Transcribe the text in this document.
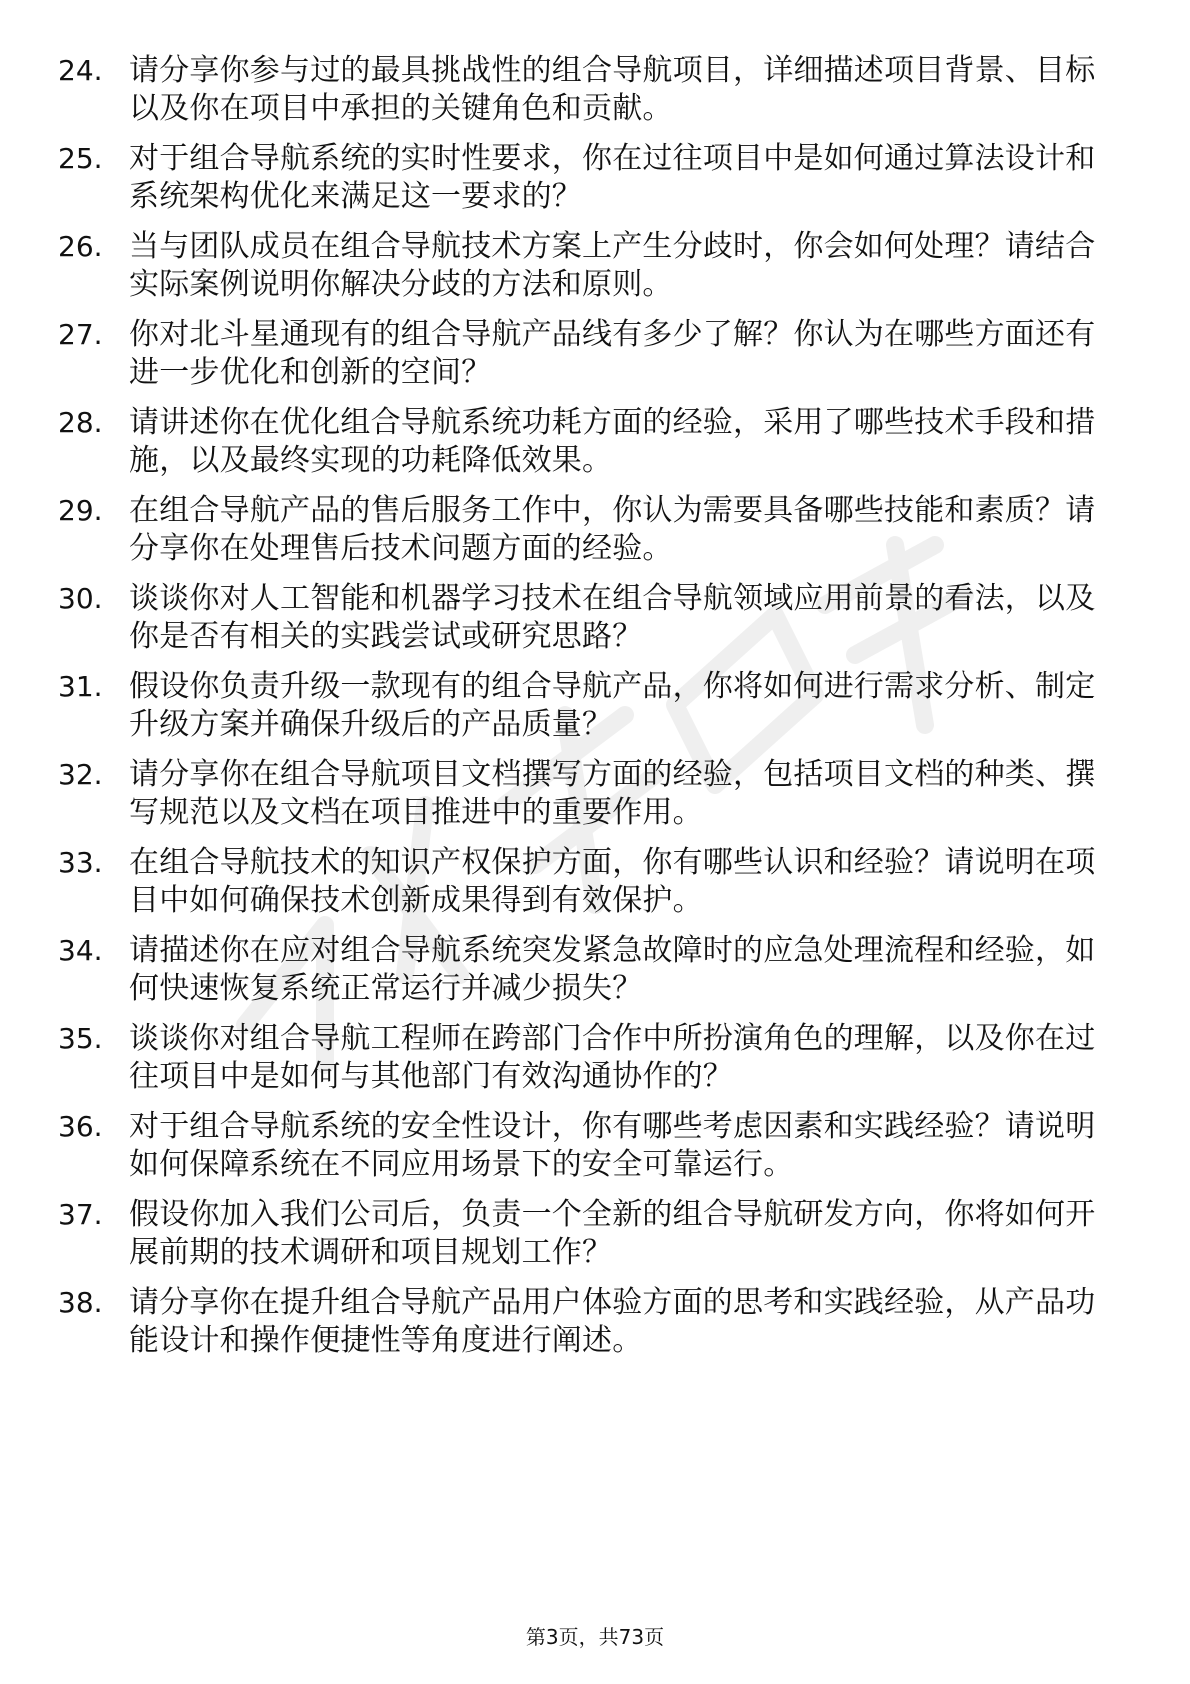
24. 请分享你参与过的最具挑战性的组合导航项目，详细描述项目背景、目标以及你在项目中承担的关键角色和贡献。
25. 对于组合导航系统的实时性要求，你在过往项目中是如何通过算法设计和系统架构优化来满足这一要求的？
26. 当与团队成员在组合导航技术方案上产生分歧时，你会如何处理？请结合实际案例说明你解决分歧的方法和原则。
27. 你对北斗星通现有的组合导航产品线有多少了解？你认为在哪些方面还有进一步优化和创新的空间？
28. 请讲述你在优化组合导航系统功耗方面的经验，采用了哪些技术手段和措施，以及最终实现的功耗降低效果。
29. 在组合导航产品的售后服务工作中，你认为需要具备哪些技能和素质？请分享你在处理售后技术问题方面的经验。
30. 谈谈你对人工智能和机器学习技术在组合导航领域应用前景的看法，以及你是否有相关的实践尝试或研究思路？
31. 假设你负责升级一款现有的组合导航产品，你将如何进行需求分析、制定升级方案并确保升级后的产品质量？
32. 请分享你在组合导航项目文档撰写方面的经验，包括项目文档的种类、撰写规范以及文档在项目推进中的重要作用。
33. 在组合导航技术的知识产权保护方面，你有哪些认识和经验？请说明在项目中如何确保技术创新成果得到有效保护。
34. 请描述你在应对组合导航系统突发紧急故障时的应急处理流程和经验，如何快速恢复系统正常运行并减少损失？
35. 谈谈你对组合导航工程师在跨部门合作中所扮演角色的理解，以及你在过往项目中是如何与其他部门有效沟通协作的？
36. 对于组合导航系统的安全性设计，你有哪些考虑因素和实践经验？请说明如何保障系统在不同应用场景下的安全可靠运行。
37. 假设你加入我们公司后，负责一个全新的组合导航研发方向，你将如何开展前期的技术调研和项目规划工作？
38. 请分享你在提升组合导航产品用户体验方面的思考和实践经验，从产品功能设计和操作便捷性等角度进行阐述。
第3页，共73页
